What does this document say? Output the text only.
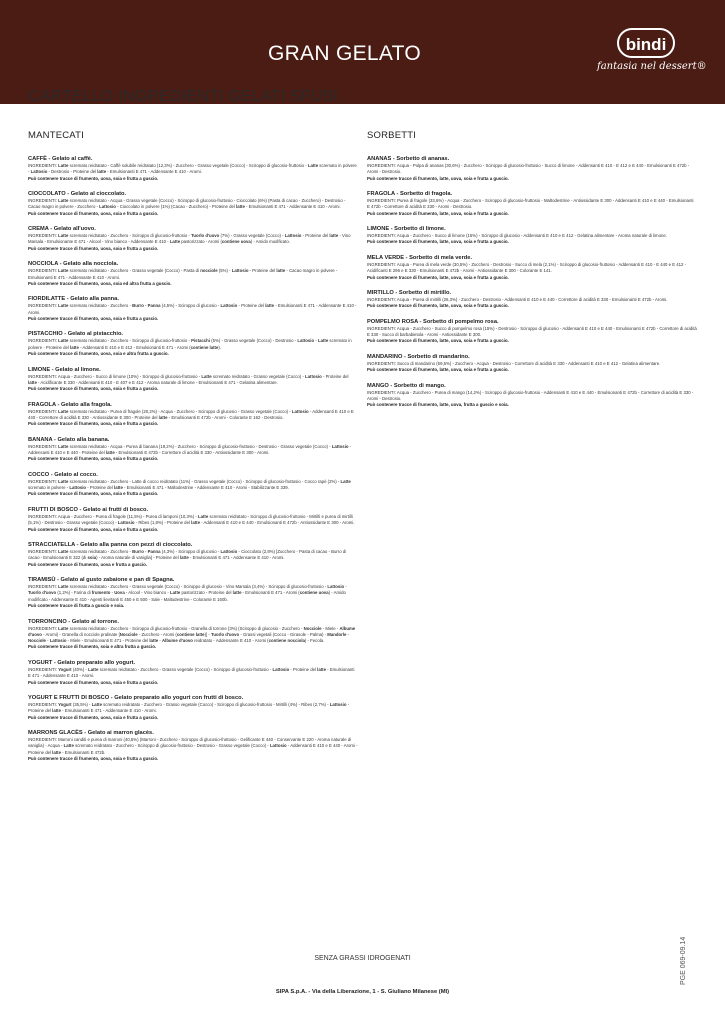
GRAN GELATO	bindi
fantasia nel dessert®
CARTELLO INGREDIENTI GELATI SFUSI
MANTECATI
CAFFÈ - Gelato al caffè.
INGREDIENTI: Latte scremato reidratato - Caffè solubile reidratato (12,3%) - Zucchero - Grasso vegetale (Cocco) - Sciroppo di glucosio-fruttosio - Latte scremato in polvere - Lattosio - Destrosio - Proteine del latte - Emulsionanti E 471 - Addensante E 410 - Aromi.
Può contenere tracce di frumento, uova, soia e frutta a guscio.
CIOCCOLATO - Gelato al cioccolato.
INGREDIENTI: Latte scremato reidratato - Acqua - Grasso vegetale (Cocco) - Sciroppo di glucosio-fruttosio - Cioccolato (6%) (Pasta di cacao - Zucchero) - Destrosio - Cacao magro in polvere - Zucchero - Lattosio - Cioccolato in polvere (1%) (Cacao - Zucchero) - Proteine del latte - Emulsionanti E 471 - Addensante E 410 - Aromi.
Può contenere tracce di frumento, uova, soia e frutta a guscio.
CREMA - Gelato all'uovo.
INGREDIENTI: Latte scremato reidratato - Zucchero - Sciroppo di glucosio-fruttosio - Tuorlo d'uovo (7%) - Grasso vegetale (Cocco) - Lattosio - Proteine del latte - Vino Marsala - Emulsionante E 471 - Alcool - Vino bianco - Addensante E 410 - Latte pastorizzato - Aromi (contiene uova) - Amido modificato.
Può contenere tracce di frumento, uova, soia e frutta a guscio.
NOCCIOLA - Gelato alla nocciola.
INGREDIENTI: Latte scremato reidratato - Zucchero - Grasso vegetale (Cocco) - Pasta di nocciole (5%) - Lattosio - Proteine del latte - Cacao magro in polvere - Emulsionanti E 471 - Addensante E 410 - Aromi.
Può contenere tracce di frumento, uova, soia ed altra frutta a guscio.
FIORDILATTE - Gelato alla panna.
INGREDIENTI: Latte scremato reidratato - Zucchero - Burro - Panna (4,5%) - Sciroppo di glucosio - Lattosio - Proteine del latte - Emulsionanti E 471 - Addensante E 410 - Aromi.
Può contenere tracce di frumento, uova, soia e frutta a guscio.
PISTACCHIO - Gelato al pistacchio.
INGREDIENTI: Latte scremato reidratato - Zucchero - Sciroppo di glucosio-fruttosio - Pistacchi (5%) - Grasso vegetale (Cocco) - Destrosio - Lattosio - Latte scremato in polvere - Proteine del latte - Addensanti E 410 e E 412 - Emulsionanti E 471 - Aromi (contiene latte).
Può contenere tracce di frumento, uova, soia e altra frutta a guscio.
LIMONE - Gelato al limone.
INGREDIENTI: Acqua - Zucchero - Succo di limone (10%) - Sciroppo di glucosio-fruttosio - Latte scremato reidratato - Grasso vegetale (Cocco) - Lattosio - Proteine del latte - Acidificante E 330 - Addensanti E 410 - E 407 e E 412 - Aroma naturale di limone - Emulsionanti E 471 - Gelatina alimentare.
Può contenere tracce di frumento, uova, soia e frutta a guscio.
FRAGOLA - Gelato alla fragola.
INGREDIENTI: Latte scremato reidratato - Purea di fragole (20,2%) - Acqua - Zucchero - Sciroppo di glucosio - Grasso vegetale (Cocco) - Lattosio - Addensanti E 410 e E 440 - Correttore di acidità E 330 - Antiossidante E 300 - Proteine del latte - Emulsionanti E 472b - Aromi - Colorante E 162 - Destrosio.
Può contenere tracce di frumento, uova, soia e frutta a guscio.
BANANA - Gelato alla banana.
INGREDIENTI: Latte scremato reidratato - Acqua - Purea di banana (19,2%) - Zucchero - Sciroppo di glucosio-fruttosio - Destrosio - Grasso vegetale (Cocco) - Lattosio - Addensanti E 410 e E 440 - Proteine del latte - Emulsionanti E 472b - Correttore di acidità E 330 - Antiossidante E 300 - Aromi.
Può contenere tracce di frumento, uova, soia e frutta a guscio.
COCCO - Gelato al cocco.
INGREDIENTI: Latte scremato reidratato - Zucchero - Latte di cocco reidratato (11%) - Grasso vegetale (Cocco) - Sciroppo di glucosio-fruttosio - Cocco rapè (2%) - Latte scremato in polvere - Lattosio - Proteine del latte - Emulsionanti E 471 - Maltodestrine - Addensante E 410 - Aromi - Stabilizzante E 339.
Può contenere tracce di frumento, uova, soia e frutta a guscio.
FRUTTI DI BOSCO - Gelato ai frutti di bosco.
INGREDIENTI: Acqua - Zucchero - Purea di fragole (11,5%) - Purea di lamponi (10,3%) - Latte scremato reidratato - Sciroppo di glucosio-fruttosio - Mirtilli e purea di mirtilli (5,1%) - Destrosio - Grasso vegetale (Cocco) - Lattosio - Ribes (1,8%) - Proteine del latte - Addensanti E 410 e E 440 - Emulsionanti E 472b - Antiossidante E 300 - Aromi.
Può contenere tracce di frumento, uova, soia e frutta a guscio.
STRACCIATELLA - Gelato alla panna con pezzi di cioccolato.
INGREDIENTI: Latte scremato reidratato - Zucchero - Burro - Panna (4,3%) - Sciroppo di glucosio - Lattosio - Cioccolato (2,8%) [Zucchero - Pasta di cacao - Burro di cacao - Emulsionanti E 322 (di soia) - Aroma naturale di vaniglia] - Proteine del latte - Emulsionanti E 471 - Addensante E 410 - Aromi.
Può contenere tracce di frumento, uova e frutta a guscio.
TIRAMISÙ - Gelato al gusto zabaione e pan di Spagna.
INGREDIENTI: Latte scremato reidratato - Zucchero - Grasso vegetale (Cocco) - Sciroppo di glucosio - Vino Marsala (3,4%) - Sciroppo di glucosio-fruttosio - Lattosio - Tuorlo d'uovo (1,2%) - Farina di frumento - Uova - Alcool - Vino bianco - Latte pastorizzato - Proteine del latte - Emulsionanti E 471 - Aromi (contiene uova) - Amido modificato - Addensante E 410 - Agenti lievitanti E 450 e E 500 - Sale - Maltodestrine - Colorante E 160b.
Può contenere tracce di frutta a guscio e soia.
TORRONCINO - Gelato al torrone.
INGREDIENTI: Latte scremato reidratato - Zucchero - Sciroppo di glucosio-fruttosio - Granella di torrone (3%) (Sciroppo di glucosio - Zucchero - Nocciole - Miele - Albume d'uovo - Aromi) - Granella di nocciole pralinate [Nocciole - Zucchero - Aromi (contiene latte)] - Tuorlo d'uovo - Grassi vegetali (Cocco - Girasole - Palma) - Mandorle - Nocciole - Lattosio - Miele - Emulsionanti E 471 - Proteine del latte - Albume d'uovo reidratato - Addensante E 410 - Aromi (contiene nocciola) - Fecola.
Può contenere tracce di frumento, soia e altra frutta a guscio.
YOGURT - Gelato preparato allo yogurt.
INGREDIENTI: Yogurt (40%) - Latte scremato reidratato - Zucchero - Grasso vegetale (Cocco) - Sciroppo di glucosio-fruttosio - Lattosio - Proteine del latte - Emulsionanti E 471 - Addensante E 410 - Aromi.
Può contenere tracce di frumento, uova, soia e frutta a guscio.
YOGURT E FRUTTI DI BOSCO - Gelato preparato allo yogurt con frutti di bosco.
INGREDIENTI: Yogurt (35,5%) - Latte scremato reidratato - Zucchero - Grasso vegetale (Cocco) - Sciroppo di glucosio-fruttosio - Mirtilli (4%) - Ribes (2,7%) - Lattosio - Proteine del latte - Emulsionanti E 471 - Addensante E 410 - Aromi.
Può contenere tracce di frumento, uova, soia e frutta a guscio.
MARRONS GLACÈS - Gelato ai marron glacès.
INGREDIENTI: Marroni canditi e purea di marroni (40,5%) (Marroni - Zucchero - Sciroppo di glucosio-fruttosio - Gelificante E 440 - Conservante E 220 - Aroma naturale di vaniglia) - Acqua - Latte scremato reidratato - Zucchero - Sciroppo di glucosio-fruttosio - Destrosio - Grasso vegetale (Cocco) - Lattosio - Addensanti E 410 e E 440 - Aromi - Proteine del latte - Emulsionanti E 472b.
Può contenere tracce di frumento, uova, soia e frutta a guscio.
SORBETTI
ANANAS - Sorbetto di ananas.
INGREDIENTI: Acqua - Polpa di ananas (30,6%) - Zucchero - Sciroppo di glucosio-fruttosio - Succo di limone - Addensanti E 410 - E 412 e E 440 - Emulsionanti E 472b - Aromi - Destrosio.
Può contenere tracce di frumento, latte, uova, soia e frutta a guscio.
FRAGOLA - Sorbetto di fragola.
INGREDIENTI: Purea di fragole (33,6%) - Acqua - Zucchero - Sciroppo di glucosio-fruttosio - Maltodestrine - Antiossidante E 300 - Addensanti E 410 e E 440 - Emulsionanti E 472b - Correttore di acidità E 330 - Aromi - Destrosio.
Può contenere tracce di frumento, latte, uova, soia e frutta a guscio.
LIMONE - Sorbetto di limone.
INGREDIENTI: Acqua - Zucchero - Succo di limone (15%) - Sciroppo di glucosio - Addensanti E 410 e E 412 - Gelatina alimentare - Aroma naturale di limone.
Può contenere tracce di frumento, latte, uova, soia e frutta a guscio.
MELA VERDE - Sorbetto di mela verde.
INGREDIENTI: Acqua - Purea di mela verde (30,5%) - Zucchero - Destrosio - Succo di mela (2,1%) - Sciroppo di glucosio-fruttosio - Addensanti E 410 - E 440 e E 412 - Acidificanti E 296 e E 330 - Emulsionanti E 472b - Aromi - Antiossidante E 300 - Colorante E 141.
Può contenere tracce di frumento, latte, uova, soia e frutta a guscio.
MIRTILLO - Sorbetto di mirtillo.
INGREDIENTI: Acqua - Purea di mirtilli (26,3%) - Zucchero - Destrosio - Addensanti E 410 e E 440 - Correttore di acidità E 330 - Emulsionanti E 472b - Aromi.
Può contenere tracce di frumento, latte, uova, soia e frutta a guscio.
POMPELMO ROSA - Sorbetto di pompelmo rosa.
INGREDIENTI: Acqua - Zucchero - Succo di pompelmo rosa (15%) - Destrosio - Sciroppo di glucosio - Addensanti E 410 e E 440 - Emulsionanti E 472b - Correttore di acidità E 330 - Succo di barbabietola - Aromi - Antiossidante E 300.
Può contenere tracce di frumento, latte, uova, soia e frutta a guscio.
MANDARINO - Sorbetto di mandarino.
INGREDIENTI: Succo di mandarino (59,5%) - Zucchero - Acqua - Destrosio - Correttore di acidità E 330 - Addensanti E 410 e E 412 - Gelatina alimentare.
Può contenere tracce di frumento, latte, uova, soia e frutta a guscio.
MANGO - Sorbetto di mango.
INGREDIENTI: Acqua - Zucchero - Purea di mango (14,2%) - Sciroppo di glucosio-fruttosio - Addensanti E 410 e E 440 - Emulsionanti E 472b - Correttore di acidità E 330 - Aromi - Destrosio.
Può contenere tracce di frumento, latte, uova, frutta a guscio e soia.
SENZA GRASSI IDROGENATI
SIPA S.p.A. - Via della Liberazione, 1 - S. Giuliano Milanese (MI)
PGE 069-09.14
